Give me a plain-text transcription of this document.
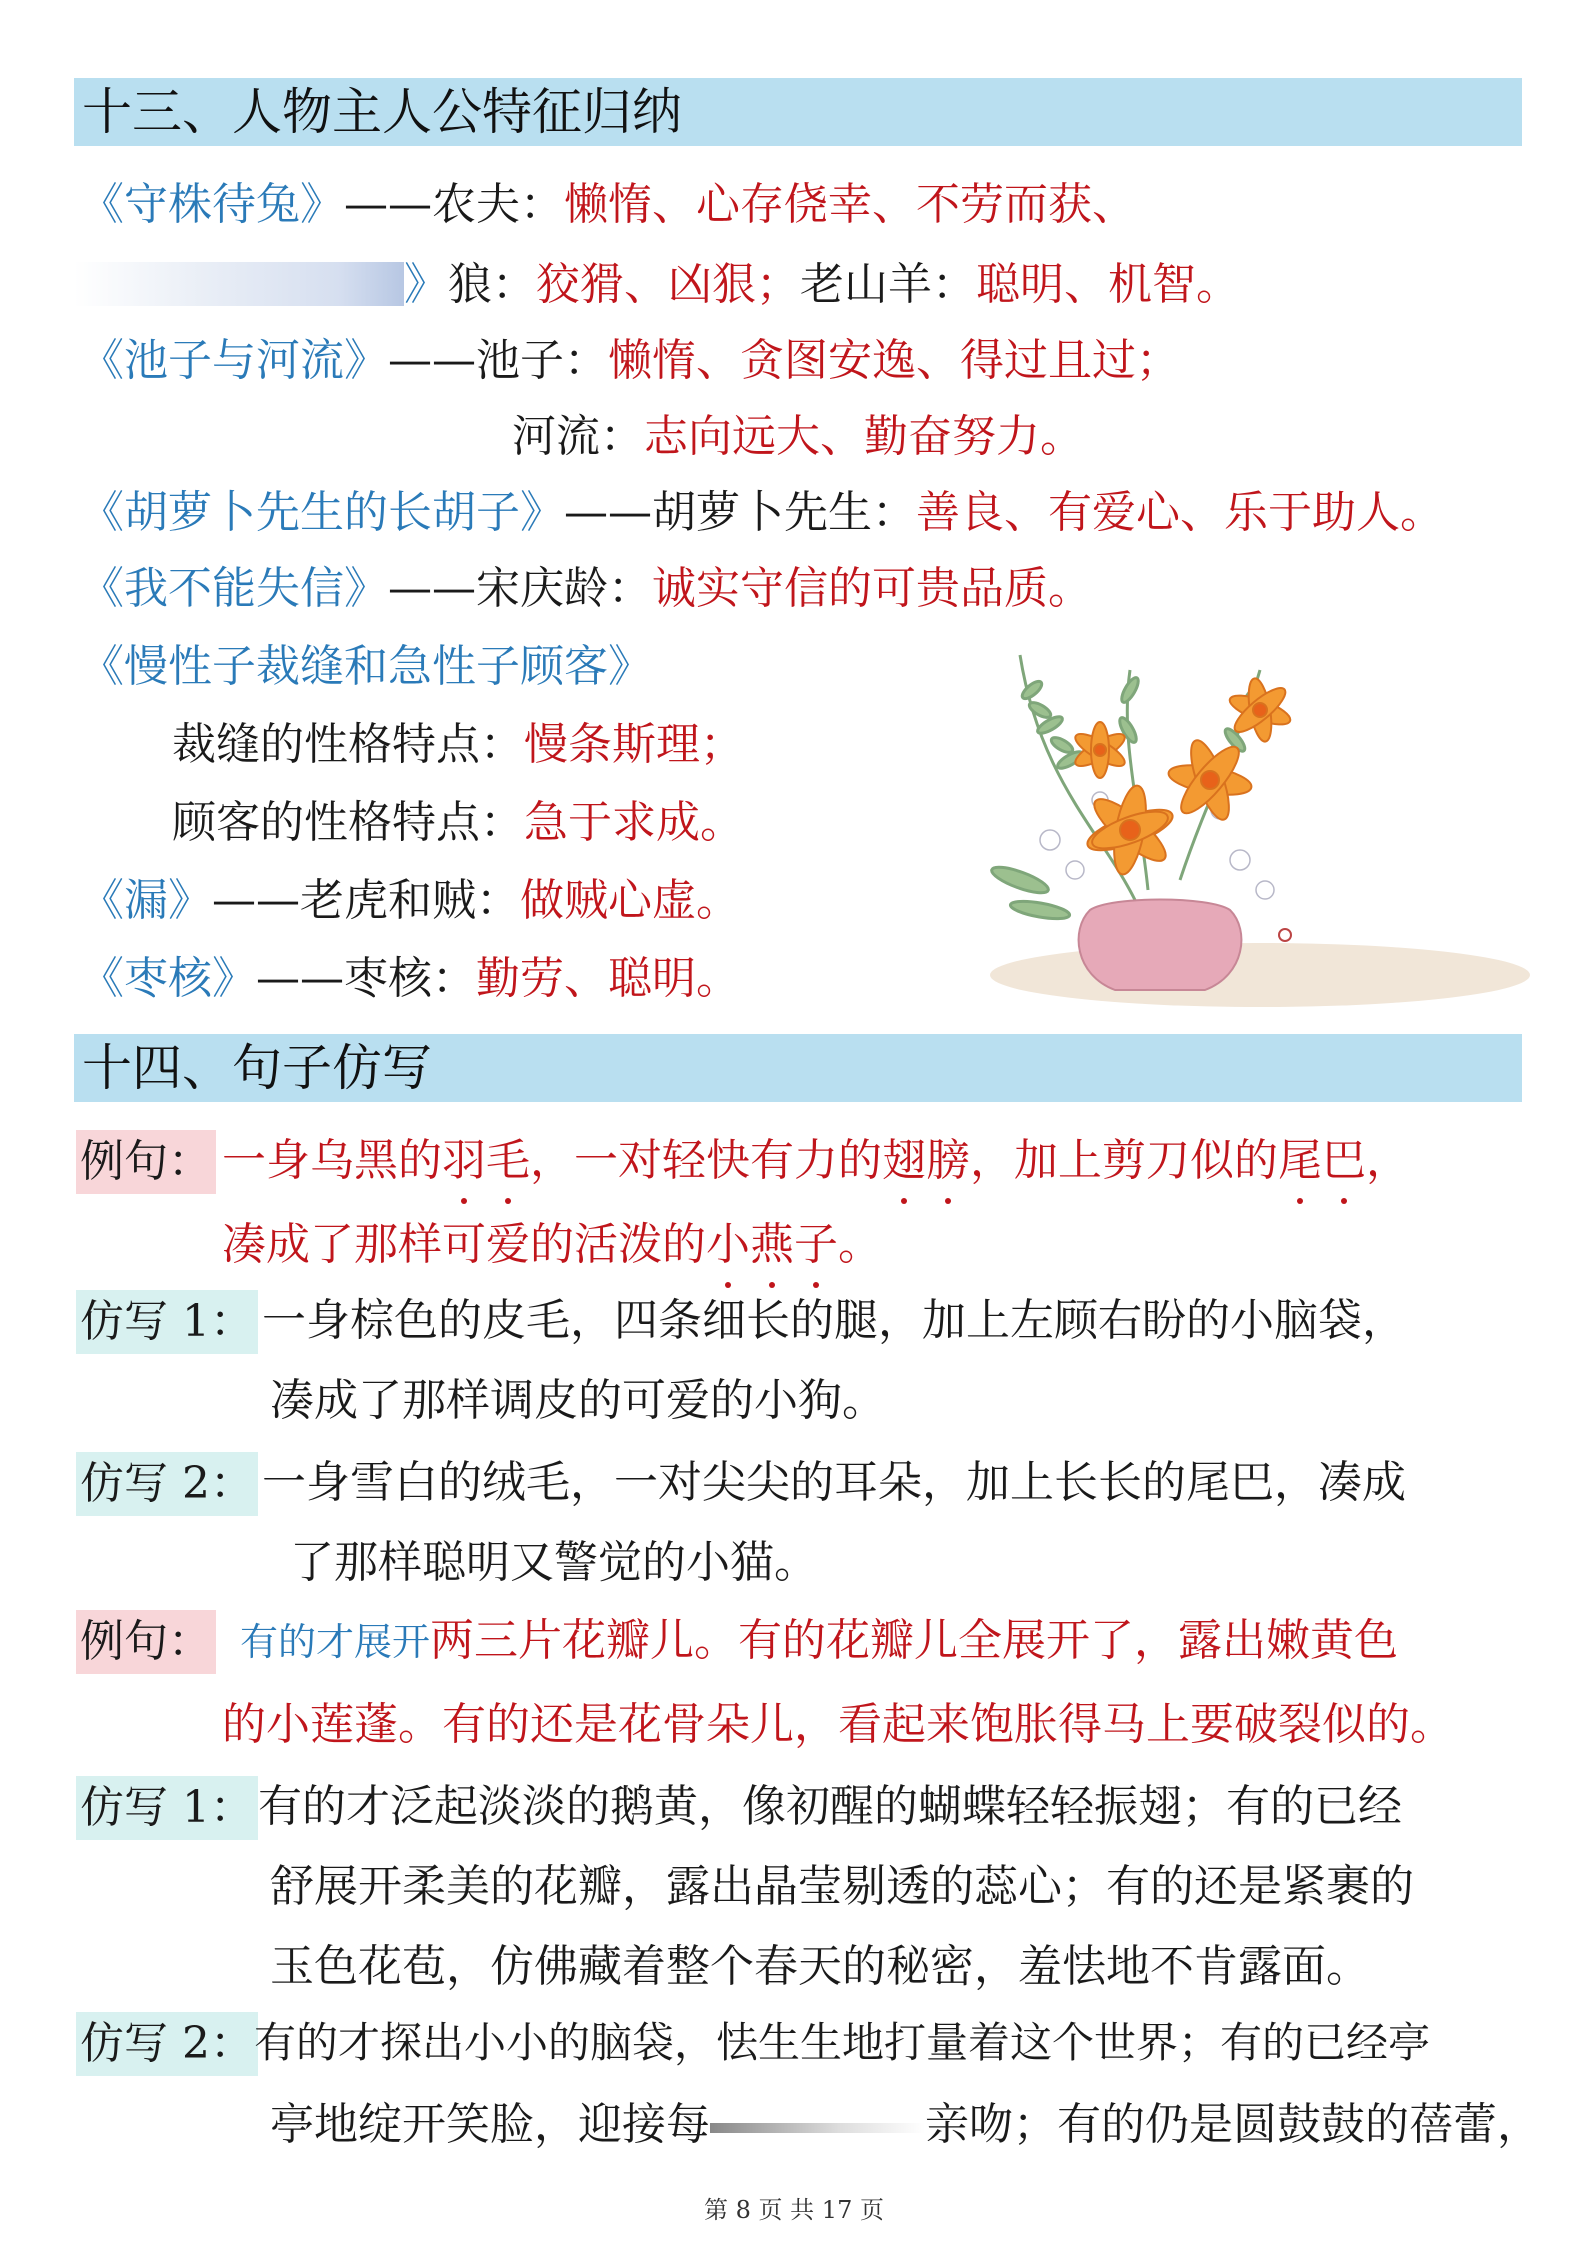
十三、人物主人公特征归纳
《守株待兔》——农夫：懒惰、心存侥幸、不劳而获、
》狼：狡猾、凶狠；老山羊：聪明、机智。
《池子与河流》——池子：懒惰、贪图安逸、得过且过；
河流：志向远大、勤奋努力。
《胡萝卜先生的长胡子》——胡萝卜先生：善良、有爱心、乐于助人。
《我不能失信》——宋庆龄：诚实守信的可贵品质。
《慢性子裁缝和急性子顾客》
裁缝的性格特点：慢条斯理；
顾客的性格特点：急于求成。
《漏》——老虎和贼：做贼心虚。
《枣核》——枣核：勤劳、聪明。
十四、句子仿写
例句： 一身乌黑的羽毛，一对轻快有力的翅膀，加上剪刀似的尾巴，
凑成了那样可爱的活泼的小燕子。
仿写 1： 一身棕色的皮毛，四条细长的腿，加上左顾右盼的小脑袋，
凑成了那样调皮的可爱的小狗。
仿写 2： 一身雪白的绒毛，一对尖尖的耳朵，加上长长的尾巴，凑成
了那样聪明又警觉的小猫。
例句： 有的才展开两三片花瓣儿。有的花瓣儿全展开了，露出嫩黄色
的小莲蓬。有的还是花骨朵儿，看起来饱胀得马上要破裂似的。
仿写 1： 有的才泛起淡淡的鹅黄，像初醒的蝴蝶轻轻振翅；有的已经
舒展开柔美的花瓣，露出晶莹剔透的蕊心；有的还是紧裹的
玉色花苞，仿佛藏着整个春天的秘密，羞怯地不肯露面。
仿写 2： 有的才探出小小的脑袋，怯生生地打量着这个世界；有的已经亭
亭地绽开笑脸，迎接每	亲吻；有的仍是圆鼓鼓的蓓蕾，
第 8 页 共 17 页
